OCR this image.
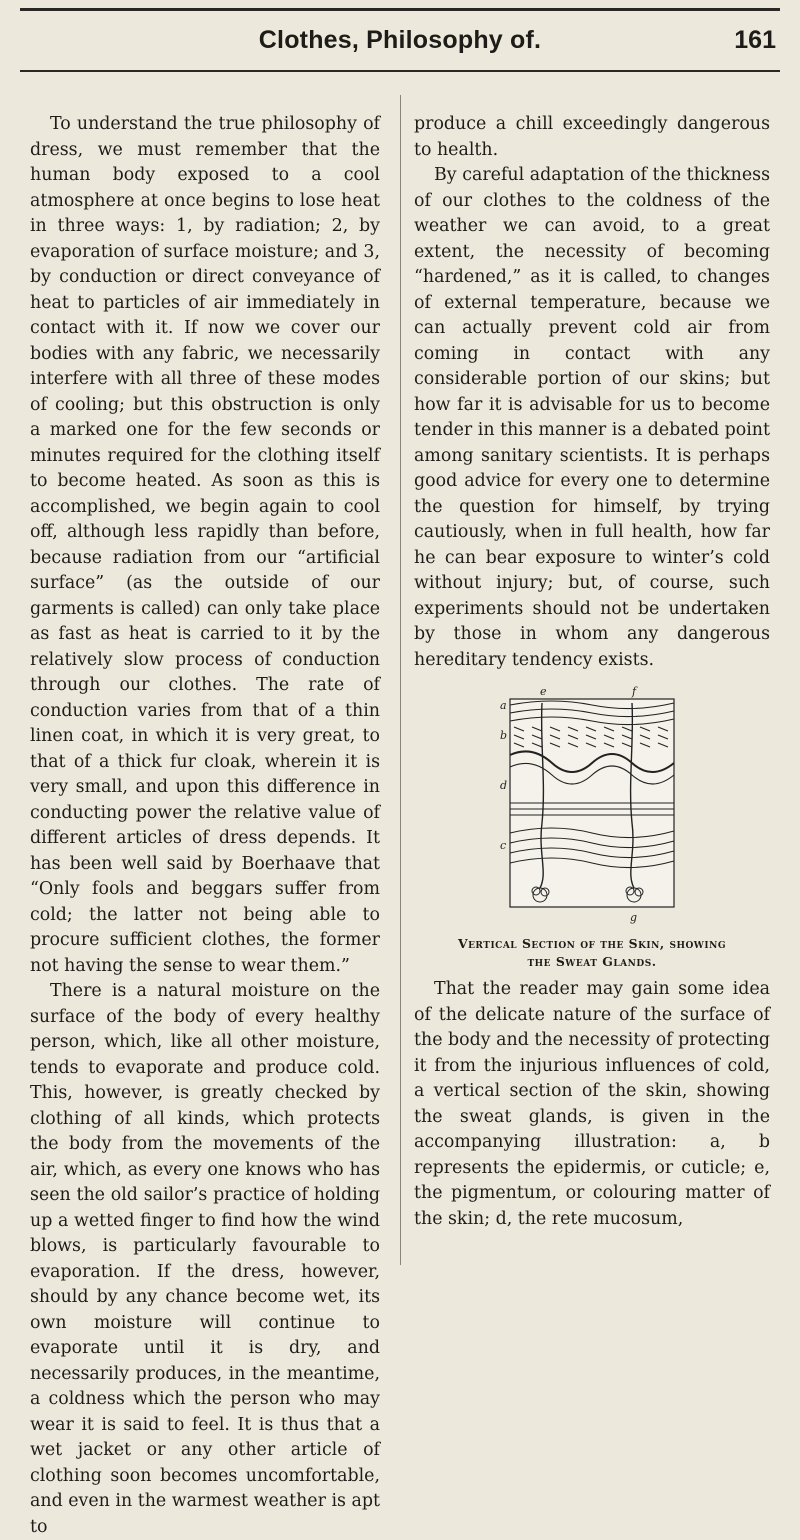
Clothes, Philosophy of.	161

To understand the true philosophy of dress, we must remember that the human body exposed to a cool atmosphere at once begins to lose heat in three ways: 1, by radiation; 2, by evaporation of surface moisture; and 3, by conduction or direct conveyance of heat to particles of air immediately in contact with it. If now we cover our bodies with any fabric, we necessarily interfere with all three of these modes of cooling; but this obstruction is only a marked one for the few seconds or minutes required for the clothing itself to become heated. As soon as this is accomplished, we begin again to cool off, although less rapidly than before, because radiation from our “artificial surface” (as the outside of our garments is called) can only take place as fast as heat is carried to it by the relatively slow process of conduction through our clothes. The rate of conduction varies from that of a thin linen coat, in which it is very great, to that of a thick fur cloak, wherein it is very small, and upon this difference in conducting power the relative value of different articles of dress depends. It has been well said by Boerhaave that “Only fools and beggars suffer from cold; the latter not being able to procure sufficient clothes, the former not having the sense to wear them.”

There is a natural moisture on the surface of the body of every healthy person, which, like all other moisture, tends to evaporate and produce cold. This, however, is greatly checked by clothing of all kinds, which protects the body from the movements of the air, which, as every one knows who has seen the old sailor’s practice of holding up a wetted finger to find how the wind blows, is particularly favourable to evaporation. If the dress, however, should by any chance become wet, its own moisture will continue to evaporate until it is dry, and necessarily produces, in the meantime, a coldness which the person who may wear it is said to feel. It is thus that a wet jacket or any other article of clothing soon becomes uncomfortable, and even in the warmest weather is apt to

produce a chill exceedingly dangerous to health.

By careful adaptation of the thickness of our clothes to the coldness of the weather we can avoid, to a great extent, the necessity of becoming “hardened,” as it is called, to changes of external temperature, because we can actually prevent cold air from coming in contact with any considerable portion of our skins; but how far it is advisable for us to become tender in this manner is a debated point among sanitary scientists. It is perhaps good advice for every one to determine the question for himself, by trying cautiously, when in full health, how far he can bear exposure to winter’s cold without injury; but, of course, such experiments should not be undertaken by those in whom any dangerous hereditary tendency exists.

e	f
a
b
d
c
g
Vertical Section of the Skin, showing
the Sweat Glands.

That the reader may gain some idea of the delicate nature of the surface of the body and the necessity of protecting it from the injurious influences of cold, a vertical section of the skin, showing the sweat glands, is given in the accompanying illustration: a, b represents the epidermis, or cuticle; e, the pigmentum, or colouring matter of the skin; d, the rete mucosum,
